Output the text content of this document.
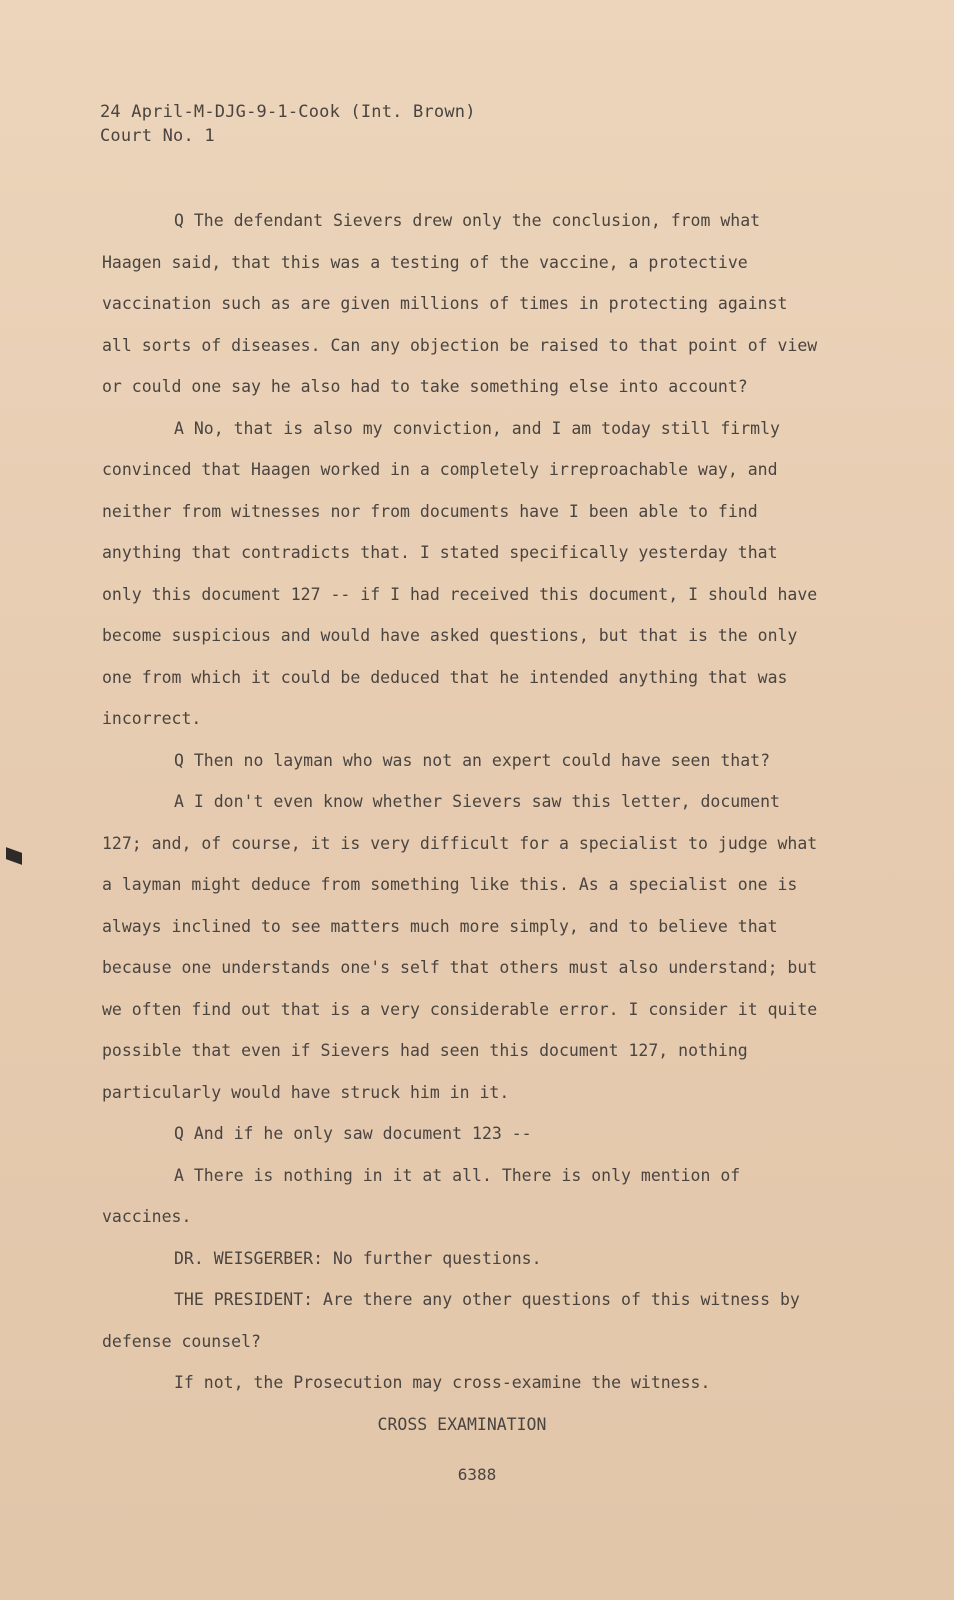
24 April-M-DJG-9-1-Cook (Int. Brown)
Court No. 1

Q The defendant Sievers drew only the conclusion, from what Haagen said, that this was a testing of the vaccine, a protective vaccination such as are given millions of times in protecting against all sorts of diseases. Can any objection be raised to that point of view or could one say he also had to take something else into account?

A No, that is also my conviction, and I am today still firmly convinced that Haagen worked in a completely irreproachable way, and neither from witnesses nor from documents have I been able to find anything that contradicts that. I stated specifically yesterday that only this document 127 -- if I had received this document, I should have become suspicious and would have asked questions, but that is the only one from which it could be deduced that he intended anything that was incorrect.

Q Then no layman who was not an expert could have seen that?

A I don't even know whether Sievers saw this letter, document 127; and, of course, it is very difficult for a specialist to judge what a layman might deduce from something like this. As a specialist one is always inclined to see matters much more simply, and to believe that because one understands one's self that others must also understand; but we often find out that is a very considerable error. I consider it quite possible that even if Sievers had seen this document 127, nothing particularly would have struck him in it.

Q And if he only saw document 123 --

A There is nothing in it at all. There is only mention of vaccines.

DR. WEISGERBER: No further questions.

THE PRESIDENT: Are there any other questions of this witness by defense counsel?

If not, the Prosecution may cross-examine the witness.

CROSS EXAMINATION

6388
